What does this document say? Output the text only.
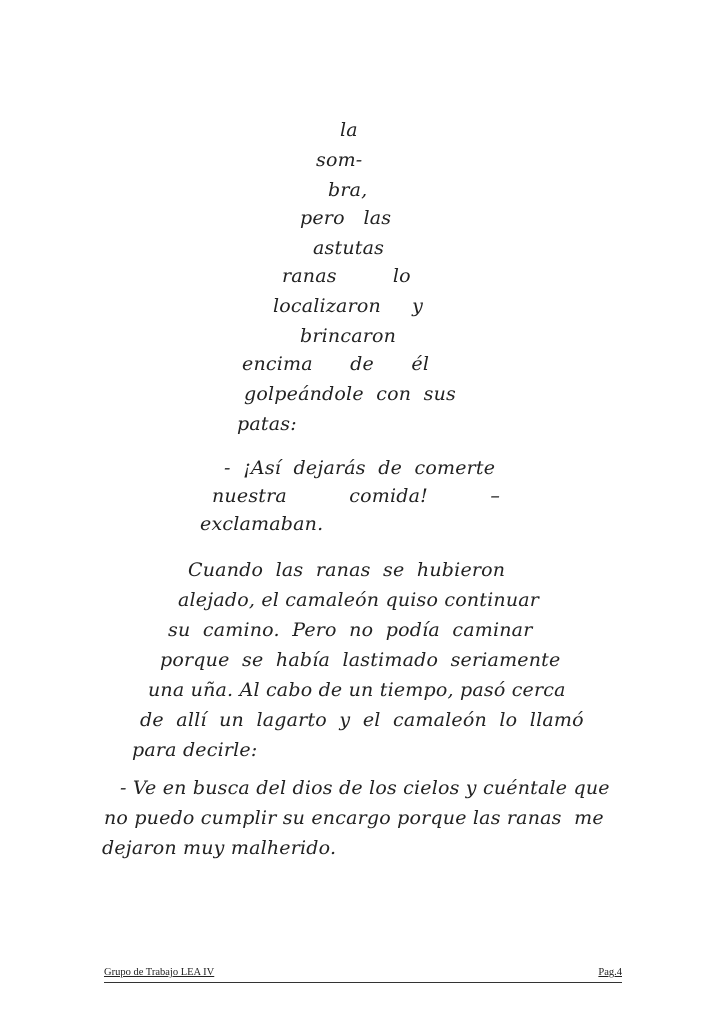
la
som-
bra,
pero   las
astutas
ranas         lo
localizaron     y
brincaron
encima      de      él
golpeándole  con  sus
patas:
-  ¡Así  dejarás  de  comerte
nuestra          comida!          –
exclamaban.
Cuando  las  ranas  se  hubieron
alejado, el camaleón quiso continuar
su  camino.  Pero  no  podía  caminar
porque  se  había  lastimado  seriamente
una uña. Al cabo de un tiempo, pasó cerca
de  allí  un  lagarto  y  el  camaleón  lo  llamó
para decirle:
- Ve en busca del dios de los cielos y cuéntale que
no puedo cumplir su encargo porque las ranas  me
dejaron muy malherido.
Grupo de Trabajo LEA IV	Pag.4
